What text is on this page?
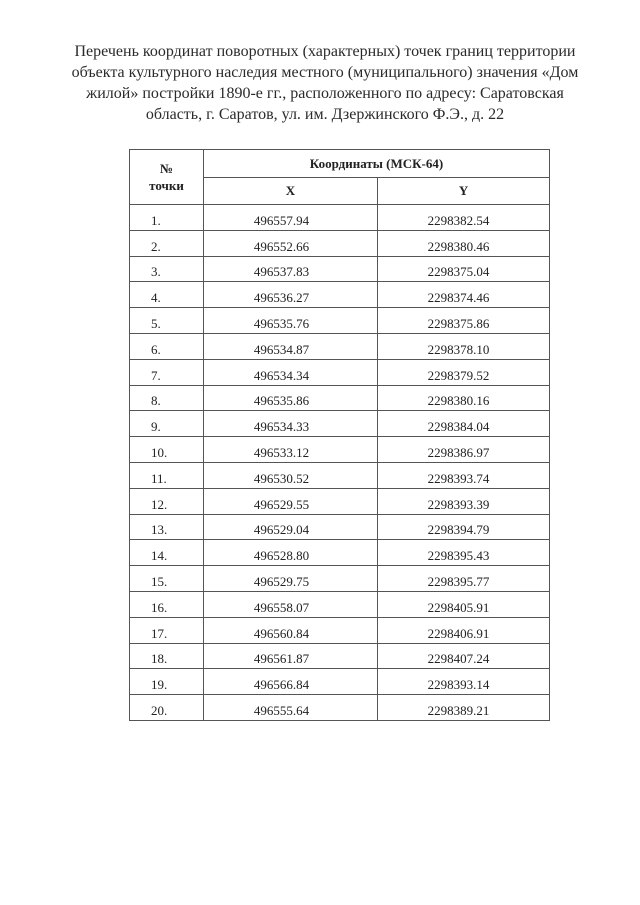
Перечень координат поворотных (характерных) точек границ территории
объекта культурного наследия местного (муниципального) значения «Дом
жилой» постройки 1890-е гг., расположенного по адресу: Саратовская
область, г. Саратов, ул. им. Дзержинского Ф.Э., д. 22
№
точки	Координаты (МСК-64)	
	X	Y
1.	496557.94	2298382.54
2.	496552.66	2298380.46
3.	496537.83	2298375.04
4.	496536.27	2298374.46
5.	496535.76	2298375.86
6.	496534.87	2298378.10
7.	496534.34	2298379.52
8.	496535.86	2298380.16
9.	496534.33	2298384.04
10.	496533.12	2298386.97
11.	496530.52	2298393.74
12.	496529.55	2298393.39
13.	496529.04	2298394.79
14.	496528.80	2298395.43
15.	496529.75	2298395.77
16.	496558.07	2298405.91
17.	496560.84	2298406.91
18.	496561.87	2298407.24
19.	496566.84	2298393.14
20.	496555.64	2298389.21
